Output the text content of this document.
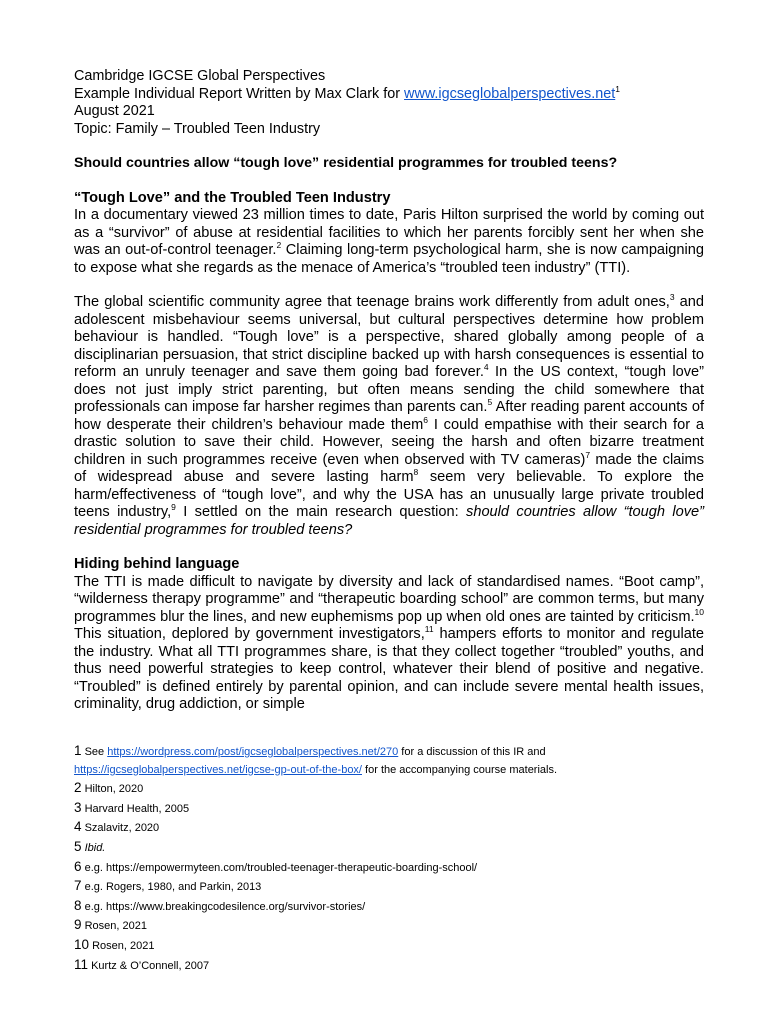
Cambridge IGCSE Global Perspectives
Example Individual Report Written by Max Clark for www.igcseglobalperspectives.net$^1$
August 2021
Topic: Family – Troubled Teen Industry
Should countries allow “tough love” residential programmes for troubled teens?
“Tough Love” and the Troubled Teen Industry
In a documentary viewed 23 million times to date, Paris Hilton surprised the world by coming out as a “survivor” of abuse at residential facilities to which her parents forcibly sent her when she was an out-of-control teenager.$^2$ Claiming long-term psychological harm, she is now campaigning to expose what she regards as the menace of America’s “troubled teen industry” (TTI).
The global scientific community agree that teenage brains work differently from adult ones,$^3$ and adolescent misbehaviour seems universal, but cultural perspectives determine how problem behaviour is handled. “Tough love” is a perspective, shared globally among people of a disciplinarian persuasion, that strict discipline backed up with harsh consequences is essential to reform an unruly teenager and save them going bad forever.$^4$ In the US context, “tough love” does not just imply strict parenting, but often means sending the child somewhere that professionals can impose far harsher regimes than parents can.$^5$ After reading parent accounts of how desperate their children’s behaviour made them$^6$ I could empathise with their search for a drastic solution to save their child. However, seeing the harsh and often bizarre treatment children in such programmes receive (even when observed with TV cameras)$^7$ made the claims of widespread abuse and severe lasting harm$^8$ seem very believable. To explore the harm/effectiveness of “tough love”, and why the USA has an unusually large private troubled teens industry,$^9$ I settled on the main research question: should countries allow “tough love” residential programmes for troubled teens?
Hiding behind language
The TTI is made difficult to navigate by diversity and lack of standardised names. “Boot camp”, “wilderness therapy programme” and “therapeutic boarding school” are common terms, but many programmes blur the lines, and new euphemisms pop up when old ones are tainted by criticism.$^{10}$ This situation, deplored by government investigators,$^{11}$ hampers efforts to monitor and regulate the industry. What all TTI programmes share, is that they collect together “troubled” youths, and thus need powerful strategies to keep control, whatever their blend of positive and negative. “Troubled” is defined entirely by parental opinion, and can include severe mental health issues, criminality, drug addiction, or simple
1 See https://wordpress.com/post/igcseglobalperspectives.net/270 for a discussion of this IR and
https://igcseglobalperspectives.net/igcse-gp-out-of-the-box/ for the accompanying course materials.
2 Hilton, 2020
3 Harvard Health, 2005
4 Szalavitz, 2020
5 Ibid.
6 e.g. https://empowermyteen.com/troubled-teenager-therapeutic-boarding-school/
7 e.g. Rogers, 1980, and Parkin, 2013
8 e.g. https://www.breakingcodesilence.org/survivor-stories/
9 Rosen, 2021
10 Rosen, 2021
11 Kurtz & O’Connell, 2007
